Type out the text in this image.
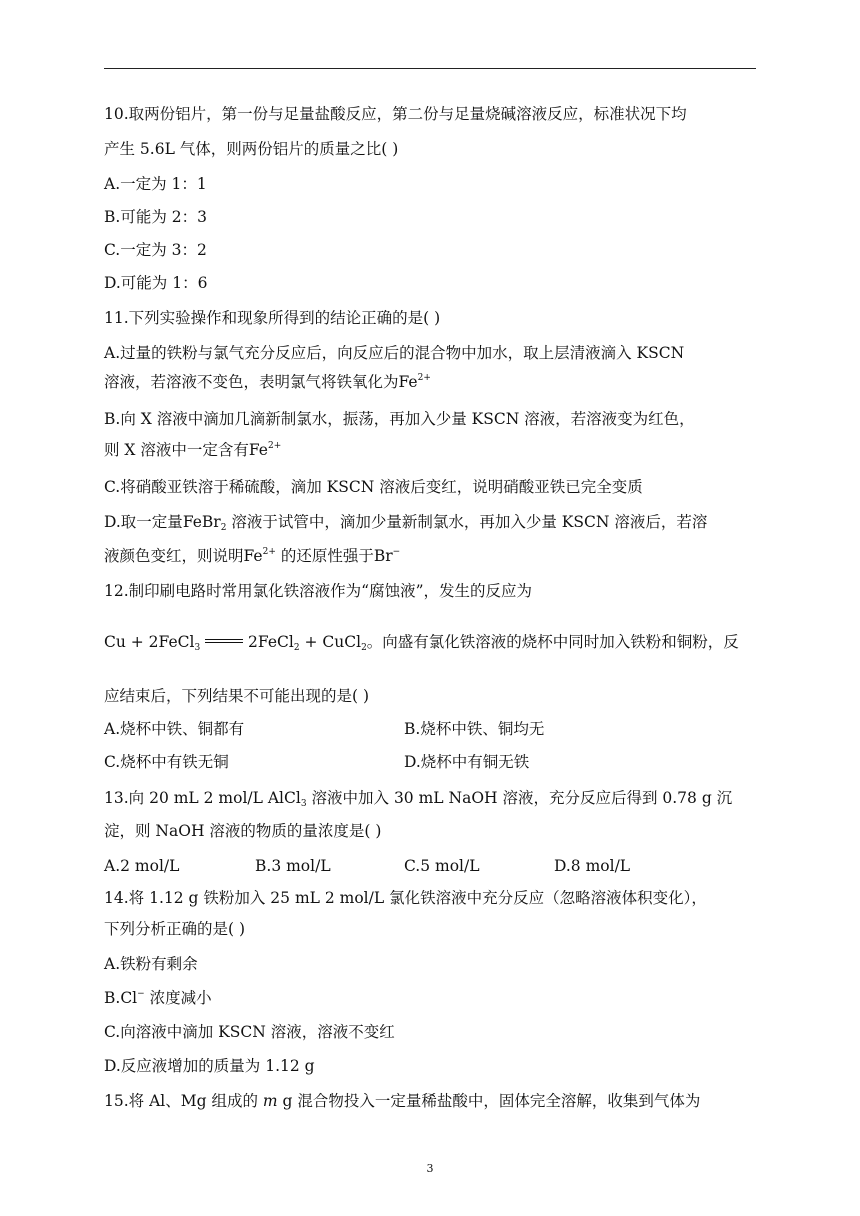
10.取两份铝片，第一份与足量盐酸反应，第二份与足量烧碱溶液反应，标准状况下均
产生 5.6L 气体，则两份铝片的质量之比( )
A.一定为 1：1
B.可能为 2：3
C.一定为 3：2
D.可能为 1：6
11.下列实验操作和现象所得到的结论正确的是( )
A.过量的铁粉与氯气充分反应后，向反应后的混合物中加水，取上层清液滴入 KSCN
溶液，若溶液不变色，表明氯气将铁氧化为$Fe^{2+}$
B.向 X 溶液中滴加几滴新制氯水，振荡，再加入少量 KSCN 溶液，若溶液变为红色，
则 X 溶液中一定含有$Fe^{2+}$
C.将硝酸亚铁溶于稀硫酸，滴加 KSCN 溶液后变红，说明硝酸亚铁已完全变质
D.取一定量FeBr$_2$ 溶液于试管中，滴加少量新制氯水，再加入少量 KSCN 溶液后，若溶
液颜色变红，则说明$Fe^{2+}$ 的还原性强于Br−
12.制印刷电路时常用氯化铁溶液作为“腐蚀液”，发生的反应为
Cu + 2FeCl$_3$	2FeCl$_2$ + CuCl$_2$。向盛有氯化铁溶液的烧杯中同时加入铁粉和铜粉，反
应结束后，下列结果不可能出现的是( )
A.烧杯中铁、铜都有	B.烧杯中铁、铜均无
C.烧杯中有铁无铜	D.烧杯中有铜无铁
13.向 20 mL 2 mol/L AlCl$_3$ 溶液中加入 30 mL NaOH 溶液，充分反应后得到 0.78 g 沉
淀，则 NaOH 溶液的物质的量浓度是( )
A.2 mol/L	B.3 mol/L	C.5 mol/L	D.8 mol/L
14.将 1.12 g 铁粉加入 25 mL 2 mol/L 氯化铁溶液中充分反应（忽略溶液体积变化），
下列分析正确的是( )
A.铁粉有剩余
B.Cl− 浓度减小
C.向溶液中滴加 KSCN 溶液，溶液不变红
D.反应液增加的质量为 1.12 g
15.将 Al、Mg 组成的 m g 混合物投入一定量稀盐酸中，固体完全溶解，收集到气体为
3
